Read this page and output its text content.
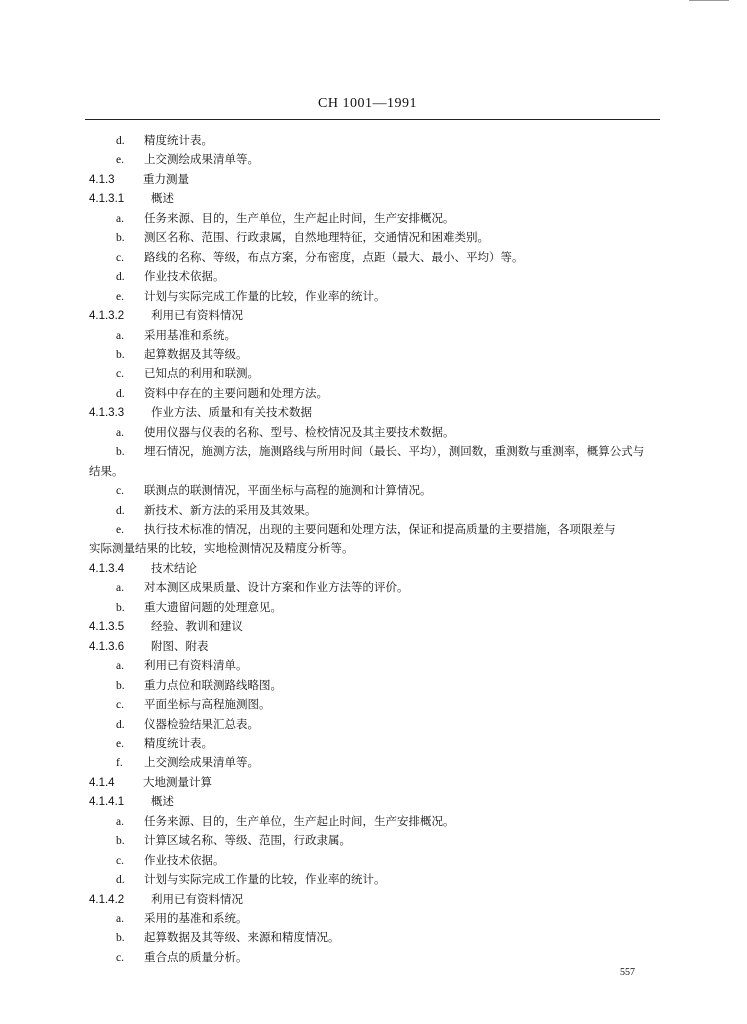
CH 1001—1991
d. 精度统计表。
e. 上交测绘成果清单等。
4.1.3 重力测量
4.1.3.1 概述
a. 任务来源、目的，生产单位，生产起止时间，生产安排概况。
b. 测区名称、范围、行政隶属，自然地理特征，交通情况和困难类别。
c. 路线的名称、等级，布点方案，分布密度，点距（最大、最小、平均）等。
d. 作业技术依据。
e. 计划与实际完成工作量的比较，作业率的统计。
4.1.3.2 利用已有资料情况
a. 采用基准和系统。
b. 起算数据及其等级。
c. 已知点的利用和联测。
d. 资料中存在的主要问题和处理方法。
4.1.3.3 作业方法、质量和有关技术数据
a. 使用仪器与仪表的名称、型号、检校情况及其主要技术数据。
b. 埋石情况，施测方法，施测路线与所用时间（最长、平均），测回数，重测数与重测率，概算公式与
结果。
c. 联测点的联测情况，平面坐标与高程的施测和计算情况。
d. 新技术、新方法的采用及其效果。
e. 执行技术标准的情况，出现的主要问题和处理方法，保证和提高质量的主要措施，各项限差与
实际测量结果的比较，实地检测情况及精度分析等。
4.1.3.4 技术结论
a. 对本测区成果质量、设计方案和作业方法等的评价。
b. 重大遗留问题的处理意见。
4.1.3.5 经验、教训和建议
4.1.3.6 附图、附表
a. 利用已有资料清单。
b. 重力点位和联测路线略图。
c. 平面坐标与高程施测图。
d. 仪器检验结果汇总表。
e. 精度统计表。
f. 上交测绘成果清单等。
4.1.4 大地测量计算
4.1.4.1 概述
a. 任务来源、目的，生产单位，生产起止时间，生产安排概况。
b. 计算区域名称、等级、范围，行政隶属。
c. 作业技术依据。
d. 计划与实际完成工作量的比较，作业率的统计。
4.1.4.2 利用已有资料情况
a. 采用的基准和系统。
b. 起算数据及其等级、来源和精度情况。
c. 重合点的质量分析。
557
